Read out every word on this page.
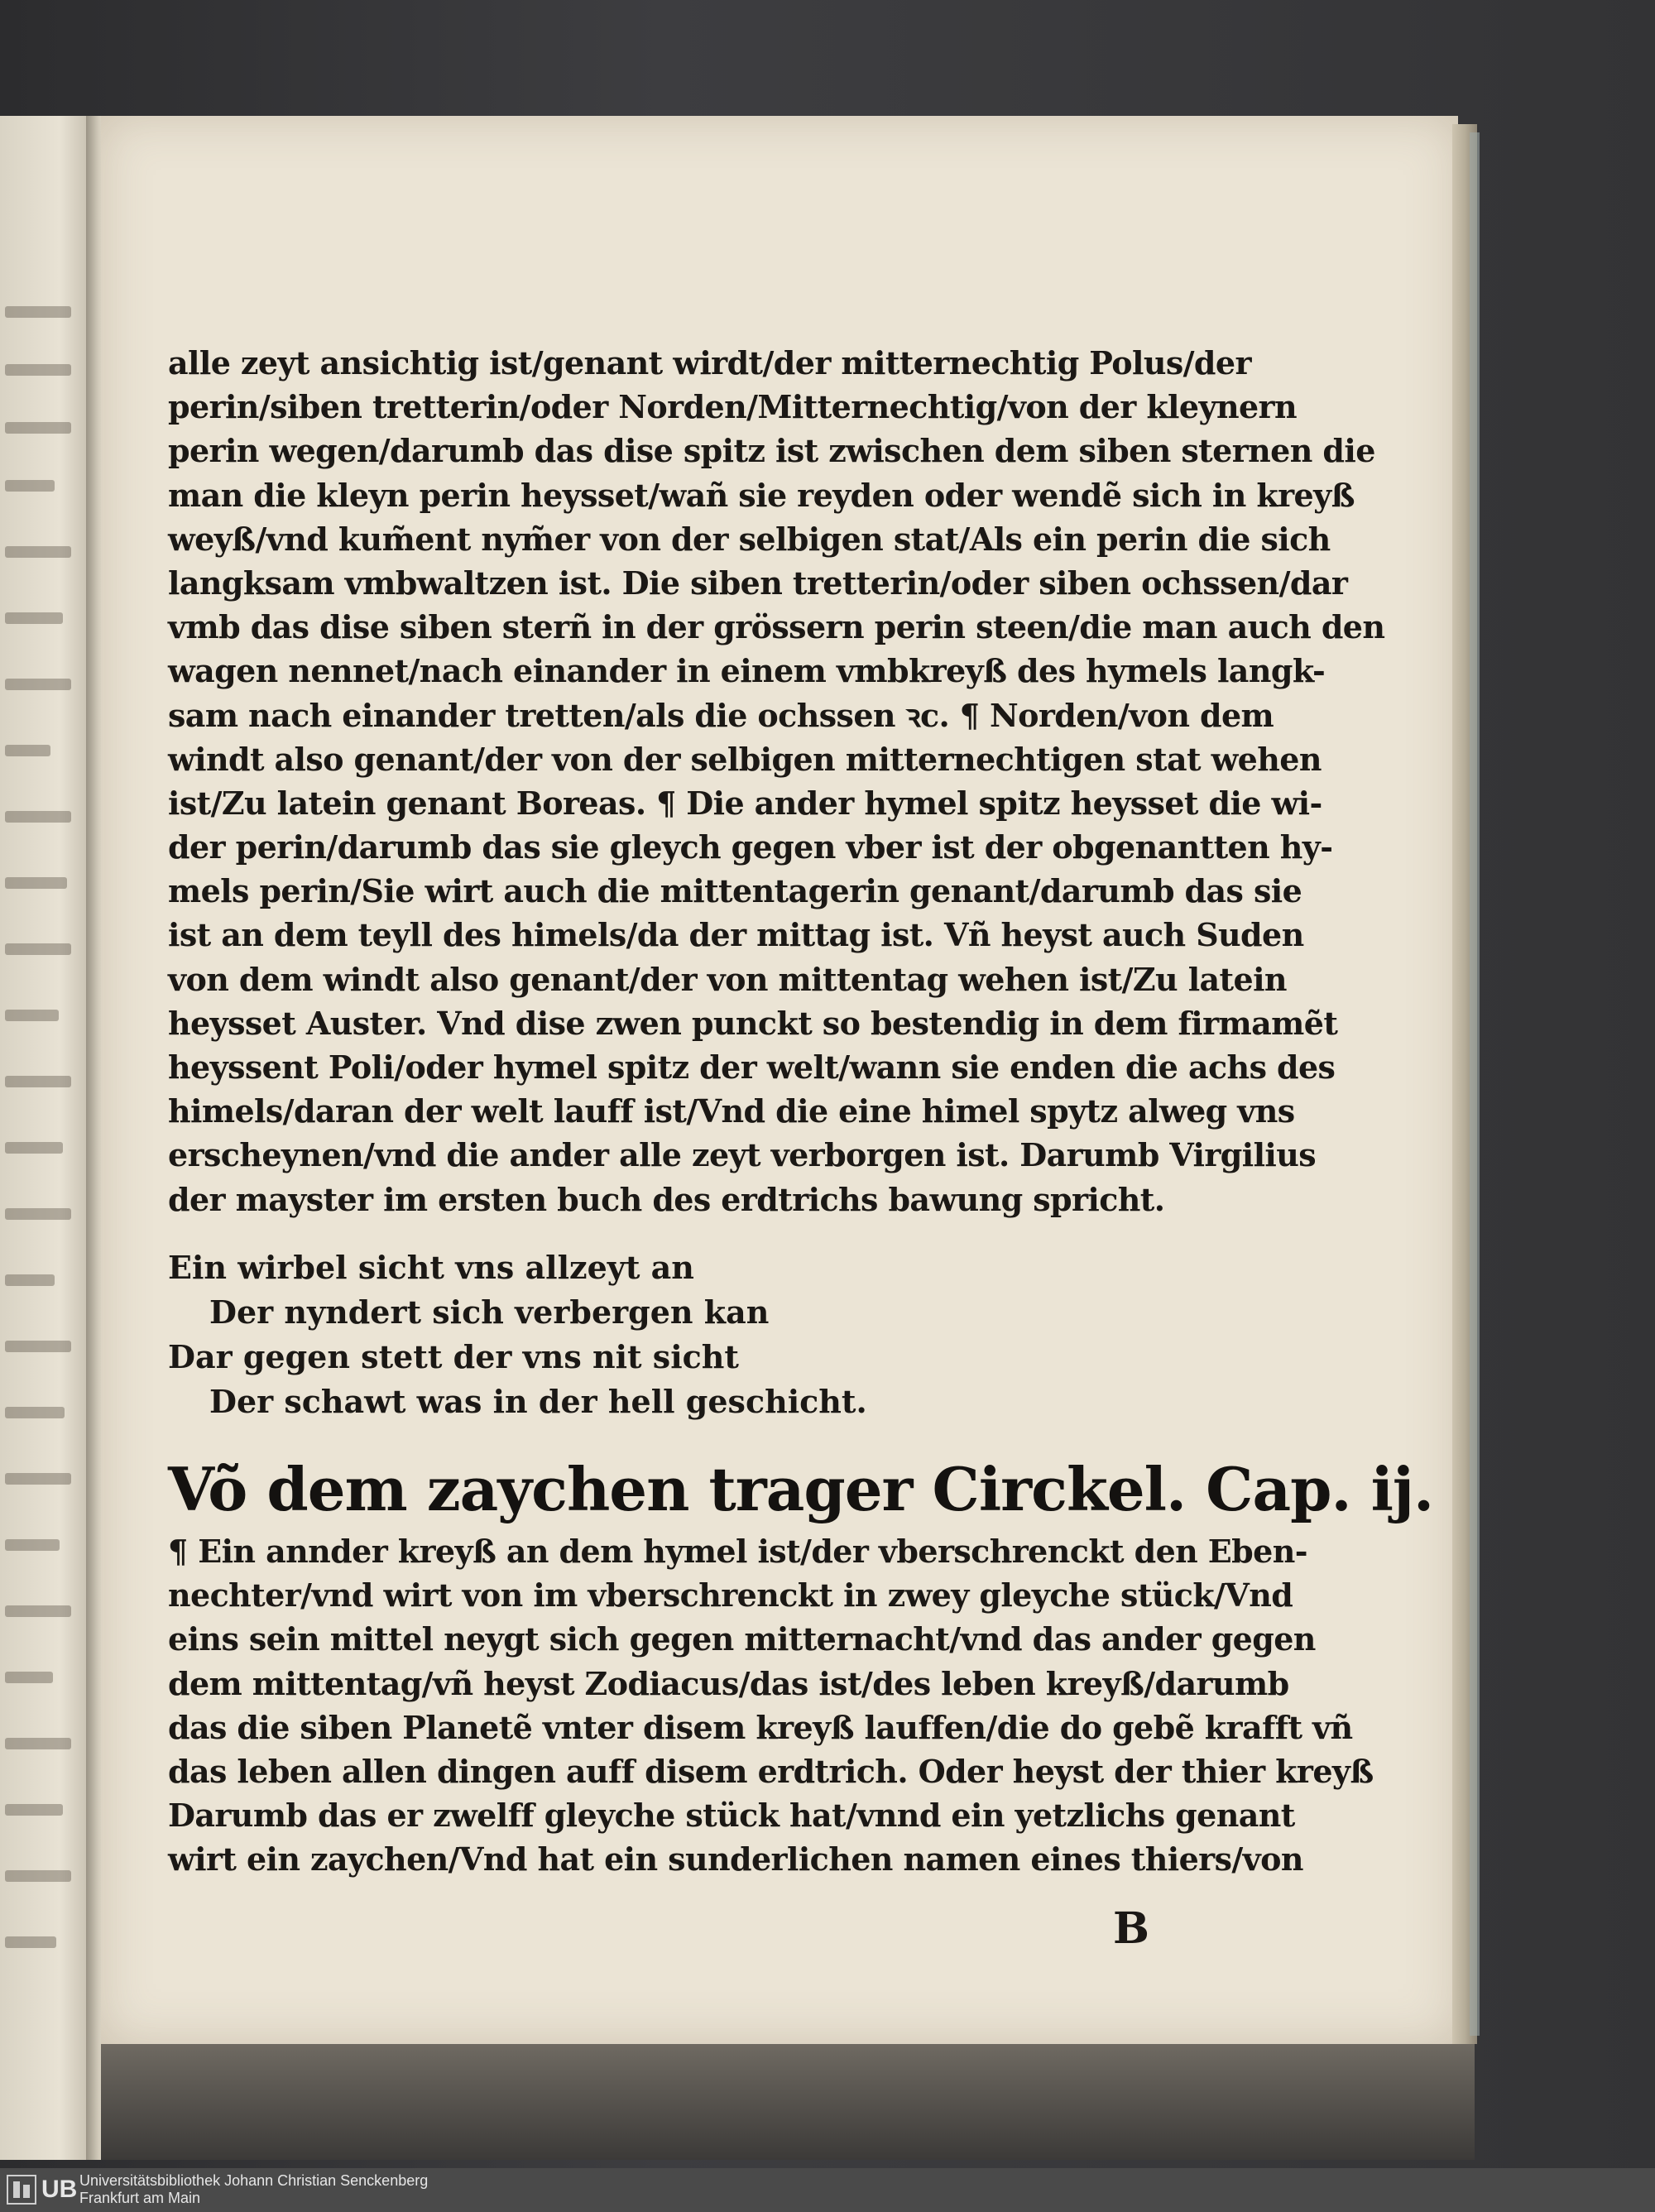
alle zeyt ansichtig ist/genant wirdt/der mitternechtig Polus/der
perin/siben tretterin/oder Norden/Mitternechtig/von der kleynern
perin wegen/darumb das dise spitz ist zwischen dem siben sternen die
man die kleyn perin heysset/wañ sie reyden oder wendẽ sich in kreyß
weyß/vnd kum̃ent nym̃er von der selbigen stat/Als ein perin die sich
langksam vmbwaltzen ist. Die siben tretterin/oder siben ochssen/dar
vmb das dise siben sterñ in der grössern perin steen/die man auch den
wagen nennet/nach einander in einem vmbkreyß des hymels langk-
sam nach einander tretten/als die ochssen ꝛc. ¶ Norden/von dem
windt also genant/der von der selbigen mitternechtigen stat wehen
ist/Zu latein genant Boreas. ¶ Die ander hymel spitz heysset die wi-
der perin/darumb das sie gleych gegen vber ist der obgenantten hy-
mels perin/Sie wirt auch die mittentagerin genant/darumb das sie
ist an dem teyll des himels/da der mittag ist. Vñ heyst auch Suden
von dem windt also genant/der von mittentag wehen ist/Zu latein
heysset Auster. Vnd dise zwen punckt so bestendig in dem firmamẽt
heyssent Poli/oder hymel spitz der welt/wann sie enden die achs des
himels/daran der welt lauff ist/Vnd die eine himel spytz alweg vns
erscheynen/vnd die ander alle zeyt verborgen ist. Darumb Virgilius
der mayster im ersten buch des erdtrichs bawung spricht.
Ein wirbel sicht vns allzeyt an
Der nyndert sich verbergen kan
Dar gegen stett der vns nit sicht
Der schawt was in der hell geschicht.
Võ dem zaychen trager Circkel. Cap. ij.
¶ Ein annder kreyß an dem hymel ist/der vberschrenckt den Eben-
nechter/vnd wirt von im vberschrenckt in zwey gleyche stück/Vnd
eins sein mittel neygt sich gegen mitternacht/vnd das ander gegen
dem mittentag/vñ heyst Zodiacus/das ist/des leben kreyß/darumb
das die siben Planetẽ vnter disem kreyß lauffen/die do gebẽ krafft vñ
das leben allen dingen auff disem erdtrich. Oder heyst der thier kreyß
Darumb das er zwelff gleyche stück hat/vnnd ein yetzlichs genant
wirt ein zaychen/Vnd hat ein sunderlichen namen eines thiers/von
B
UB Universitätsbibliothek Johann Christian Senckenberg
Frankfurt am Main
